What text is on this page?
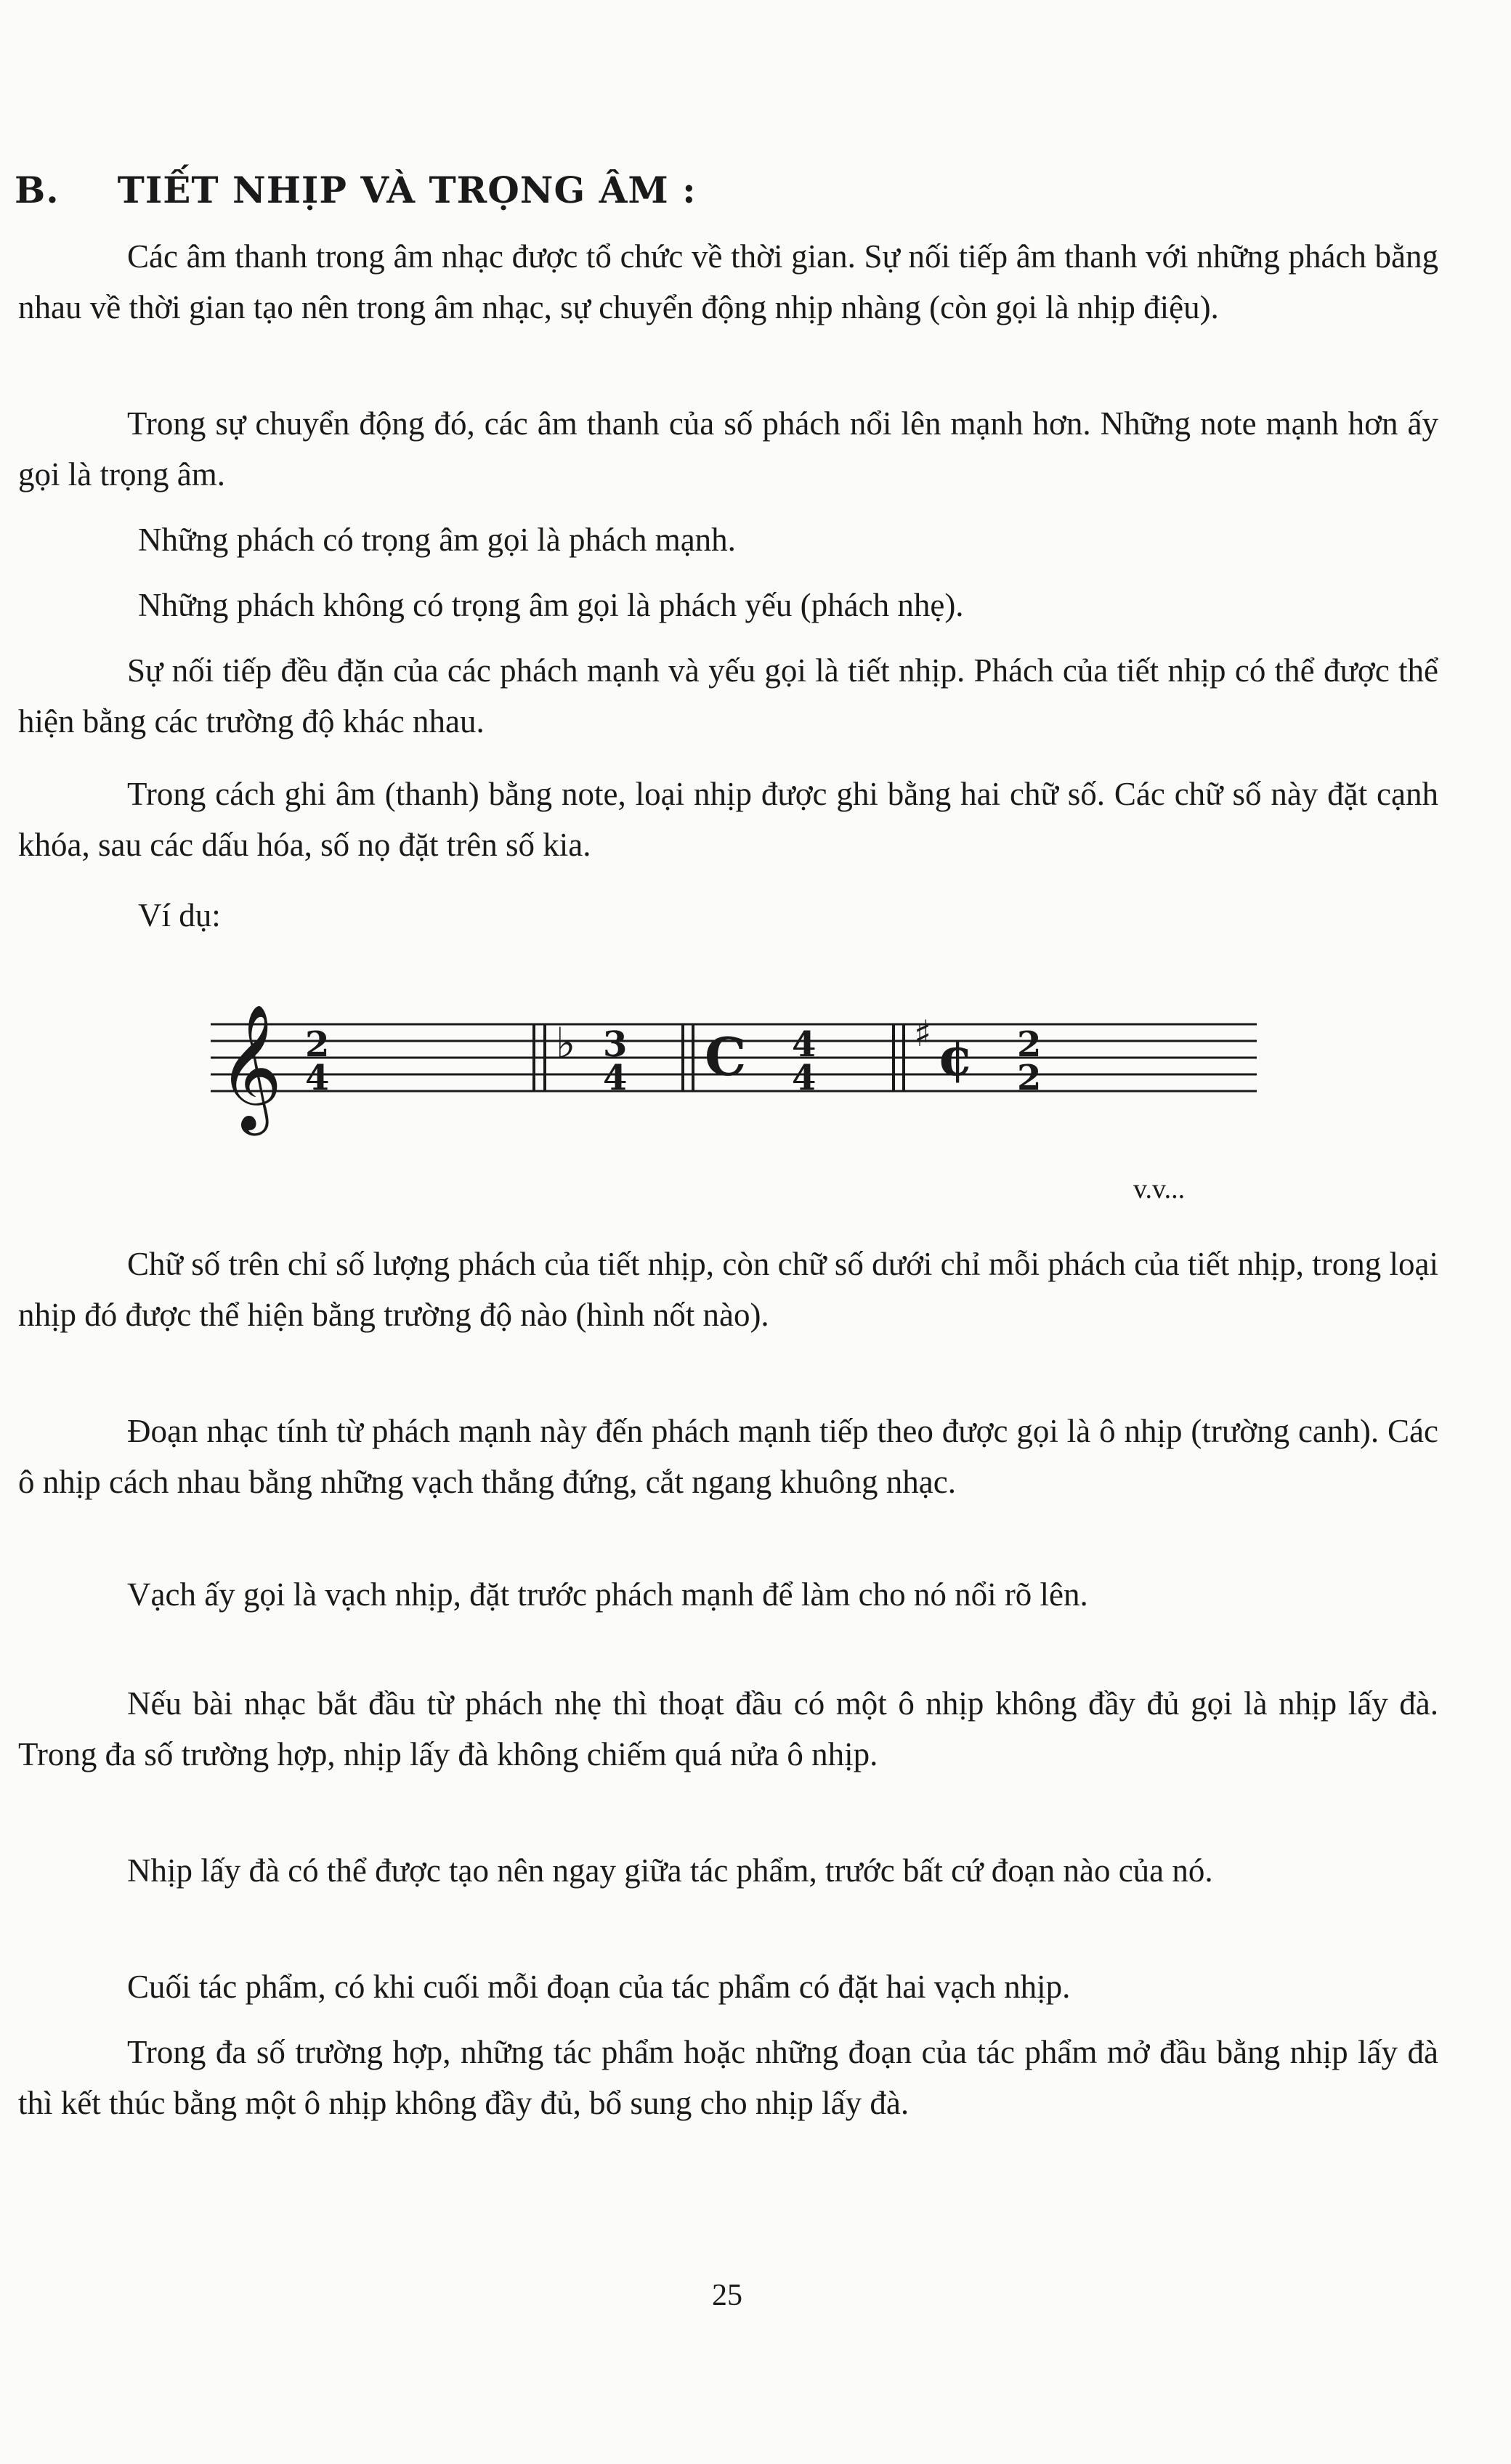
B. TIẾT NHỊP VÀ TRỌNG ÂM :

Các âm thanh trong âm nhạc được tổ chức về thời gian. Sự nối tiếp âm thanh với những phách bằng nhau về thời gian tạo nên trong âm nhạc, sự chuyển động nhịp nhàng (còn gọi là nhịp điệu).

Trong sự chuyển động đó, các âm thanh của số phách nổi lên mạnh hơn. Những note mạnh hơn ấy gọi là trọng âm.

Những phách có trọng âm gọi là phách mạnh.

Những phách không có trọng âm gọi là phách yếu (phách nhẹ).

Sự nối tiếp đều đặn của các phách mạnh và yếu gọi là tiết nhịp. Phách của tiết nhịp có thể được thể hiện bằng các trường độ khác nhau.

Trong cách ghi âm (thanh) bằng note, loại nhịp được ghi bằng hai chữ số. Các chữ số này đặt cạnh khóa, sau các dấu hóa, số nọ đặt trên số kia.

Ví dụ:

𝄞 2
4
♭ 3
4 C 4
4
♯ ¢ 2
2

v.v...

Chữ số trên chỉ số lượng phách của tiết nhịp, còn chữ số dưới chỉ mỗi phách của tiết nhịp, trong loại nhịp đó được thể hiện bằng trường độ nào (hình nốt nào).

Đoạn nhạc tính từ phách mạnh này đến phách mạnh tiếp theo được gọi là ô nhịp (trường canh). Các ô nhịp cách nhau bằng những vạch thẳng đứng, cắt ngang khuông nhạc.

Vạch ấy gọi là vạch nhịp, đặt trước phách mạnh để làm cho nó nổi rõ lên.

Nếu bài nhạc bắt đầu từ phách nhẹ thì thoạt đầu có một ô nhịp không đầy đủ gọi là nhịp lấy đà. Trong đa số trường hợp, nhịp lấy đà không chiếm quá nửa ô nhịp.

Nhịp lấy đà có thể được tạo nên ngay giữa tác phẩm, trước bất cứ đoạn nào của nó.

Cuối tác phẩm, có khi cuối mỗi đoạn của tác phẩm có đặt hai vạch nhịp.

Trong đa số trường hợp, những tác phẩm hoặc những đoạn của tác phẩm mở đầu bằng nhịp lấy đà thì kết thúc bằng một ô nhịp không đầy đủ, bổ sung cho nhịp lấy đà.

25
